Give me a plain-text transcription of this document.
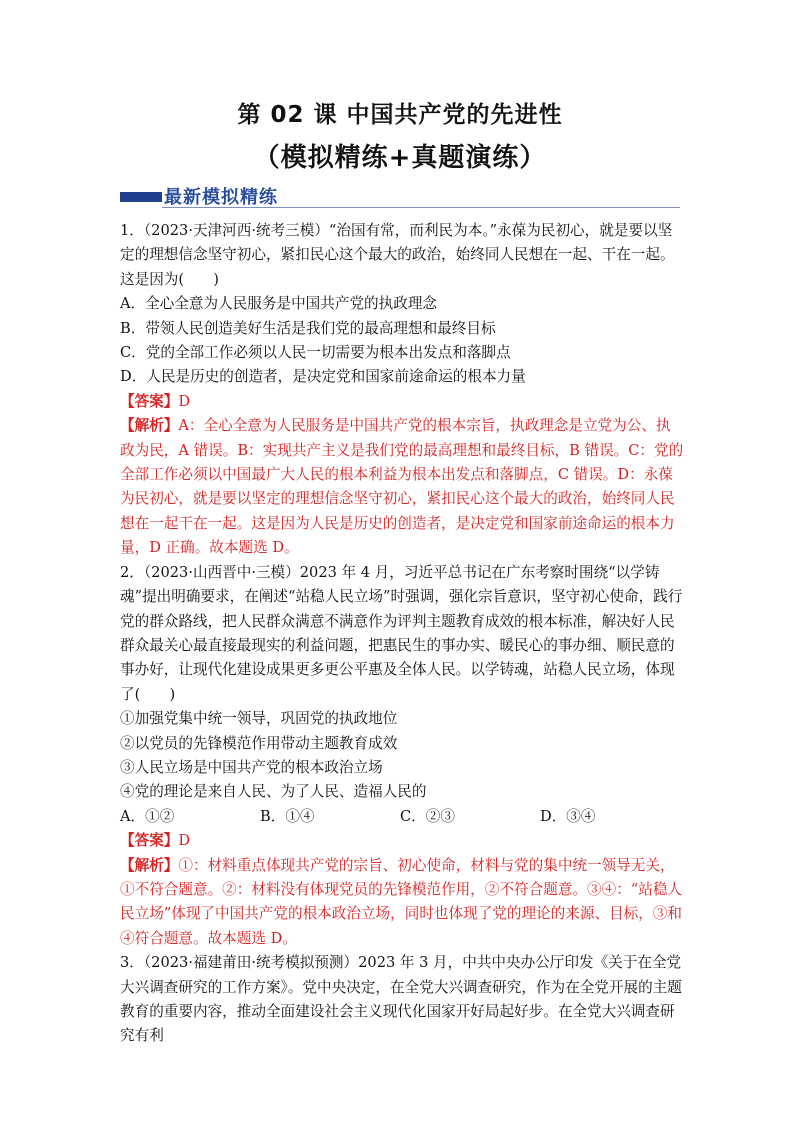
第 02 课 中国共产党的先进性
（模拟精练+真题演练）
最新模拟精练

1．（2023·天津河西·统考三模）“治国有常，而利民为本。”永葆为民初心，就是要以坚定的理想信念坚守初心，紧扣民心这个最大的政治，始终同人民想在一起、干在一起。这是因为(　　)

A．全心全意为人民服务是中国共产党的执政理念

B．带领人民创造美好生活是我们党的最高理想和最终目标

C．党的全部工作必须以人民一切需要为根本出发点和落脚点

D．人民是历史的创造者，是决定党和国家前途命运的根本力量

【答案】D

【解析】A：全心全意为人民服务是中国共产党的根本宗旨，执政理念是立党为公、执政为民，A 错误。B：实现共产主义是我们党的最高理想和最终目标，B 错误。C：党的全部工作必须以中国最广大人民的根本利益为根本出发点和落脚点，C 错误。D：永葆为民初心，就是要以坚定的理想信念坚守初心，紧扣民心这个最大的政治，始终同人民想在一起干在一起。这是因为人民是历史的创造者，是决定党和国家前途命运的根本力量，D 正确。故本题选 D。

2．（2023·山西晋中·三模）2023 年 4 月，习近平总书记在广东考察时围绕“以学铸魂”提出明确要求，在阐述“站稳人民立场”时强调，强化宗旨意识，坚守初心使命，践行党的群众路线，把人民群众满意不满意作为评判主题教育成效的根本标准，解决好人民群众最关心最直接最现实的利益问题，把惠民生的事办实、暖民心的事办细、顺民意的事办好，让现代化建设成果更多更公平惠及全体人民。以学铸魂，站稳人民立场，体现了(　　)

①加强党集中统一领导，巩固党的执政地位

②以党员的先锋模范作用带动主题教育成效

③人民立场是中国共产党的根本政治立场

④党的理论是来自人民、为了人民、造福人民的

A．①②	B．①④	C．②③	D．③④

【答案】D

【解析】①：材料重点体现共产党的宗旨、初心使命，材料与党的集中统一领导无关，①不符合题意。②：材料没有体现党员的先锋模范作用，②不符合题意。③④：“站稳人民立场”体现了中国共产党的根本政治立场，同时也体现了党的理论的来源、目标，③和④符合题意。故本题选 D。

3．（2023·福建莆田·统考模拟预测）2023 年 3 月，中共中央办公厅印发《关于在全党大兴调查研究的工作方案》。党中央决定，在全党大兴调查研究，作为在全党开展的主题教育的重要内容，推动全面建设社会主义现代化国家开好局起好步。在全党大兴调查研究有利
